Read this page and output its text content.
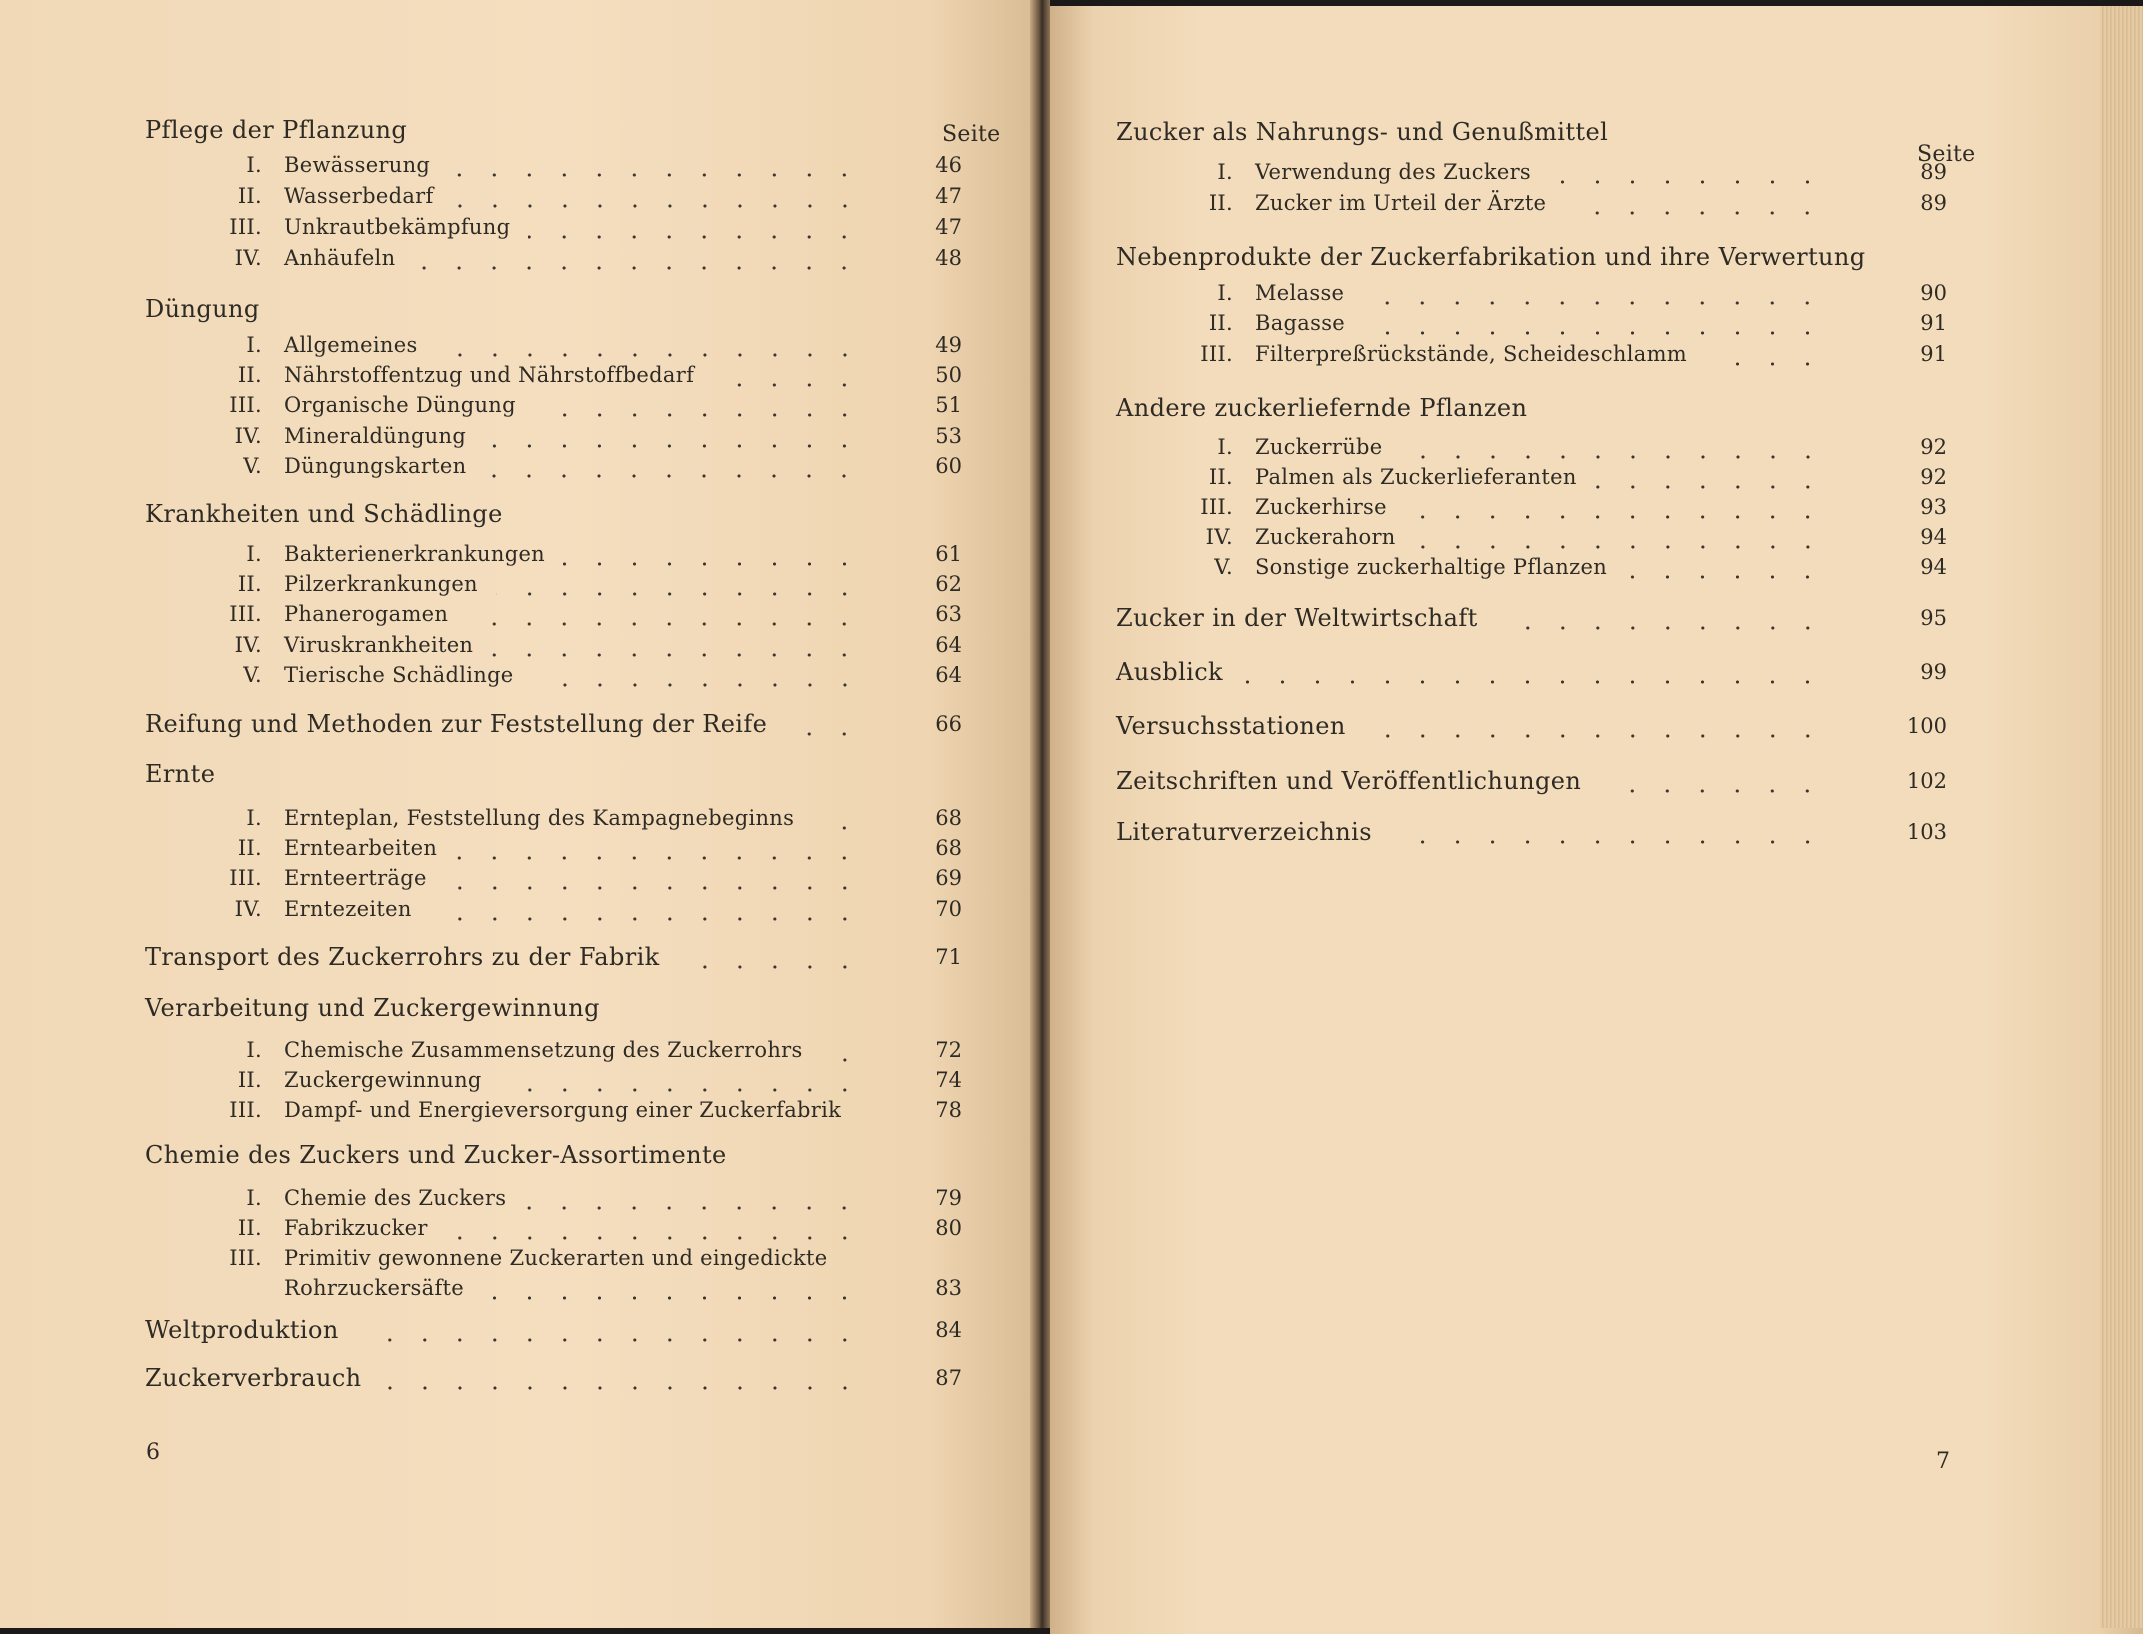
Seite
Pflege der Pflanzung
I. Bewässerung	46
II. Wasserbedarf	47
III. Unkrautbekämpfung	47
IV. Anhäufeln	48
Düngung
I. Allgemeines	49
II. Nährstoffentzug und Nährstoffbedarf	50
III. Organische Düngung	51
IV. Mineraldüngung	53
V. Düngungskarten	60
Krankheiten und Schädlinge
I. Bakterienerkrankungen	61
II. Pilzerkrankungen	62
III. Phanerogamen	63
IV. Viruskrankheiten	64
V. Tierische Schädlinge	64
Reifung und Methoden zur Feststellung der Reife	66
Ernte
I. Ernteplan, Feststellung des Kampagnebeginns	68
II. Erntearbeiten	68
III. Ernteerträge	69
IV. Erntezeiten	70
Transport des Zuckerrohrs zu der Fabrik	71
Verarbeitung und Zuckergewinnung
I. Chemische Zusammensetzung des Zuckerrohrs	72
II. Zuckergewinnung	74
III. Dampf- und Energieversorgung einer Zuckerfabrik	78
Chemie des Zuckers und Zucker-Assortimente
I. Chemie des Zuckers	79
II. Fabrikzucker	80
III. Primitiv gewonnene Zuckerarten und eingedickte
Rohrzuckersäfte	83
Weltproduktion	84
Zuckerverbrauch	87
6
Seite
Zucker als Nahrungs- und Genußmittel
I. Verwendung des Zuckers	89
II. Zucker im Urteil der Ärzte	89
Nebenprodukte der Zuckerfabrikation und ihre Verwertung
I. Melasse	90
II. Bagasse	91
III. Filterpreßrückstände, Scheideschlamm	91
Andere zuckerliefernde Pflanzen
I. Zuckerrübe	92
II. Palmen als Zuckerlieferanten	92
III. Zuckerhirse	93
IV. Zuckerahorn	94
V. Sonstige zuckerhaltige Pflanzen	94
Zucker in der Weltwirtschaft	95
Ausblick	99
Versuchsstationen	100
Zeitschriften und Veröffentlichungen	102
Literaturverzeichnis	103
7
